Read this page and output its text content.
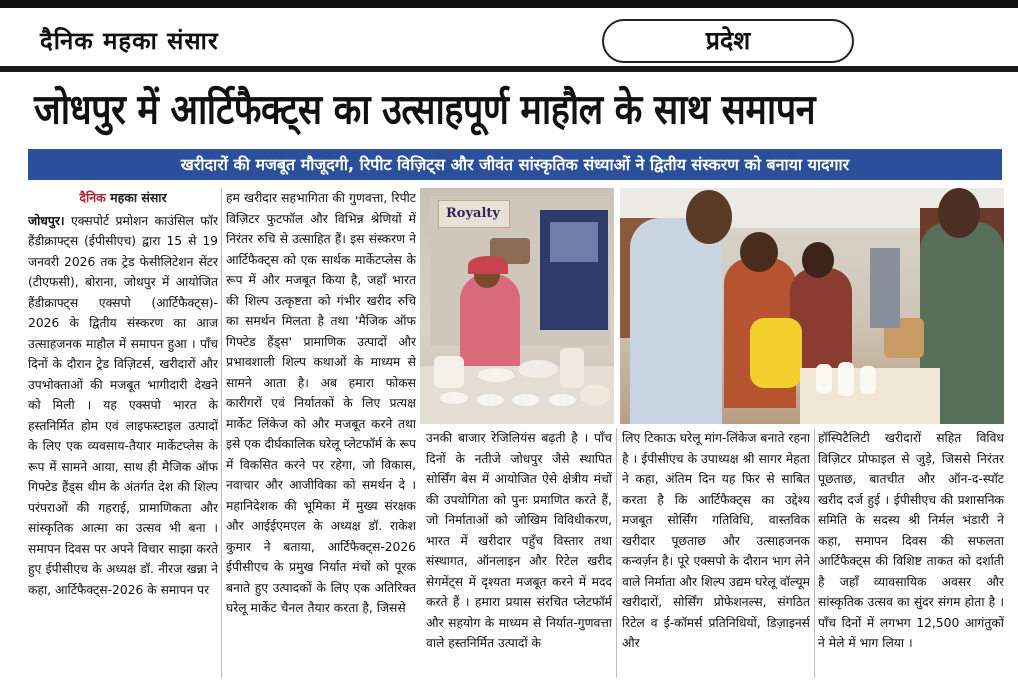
दैनिक महका संसार	प्रदेश
जोधपुर में आर्टिफैक्ट्स का उत्साहपूर्ण माहौल के साथ समापन
खरीदारों की मजबूत मौजूदगी, रिपीट विज़िट्स और जीवंत सांस्कृतिक संध्याओं ने द्वितीय संस्करण को बनाया यादगार
दैनिक महका संसार
जोधपुर। एक्सपोर्ट प्रमोशन काउंसिल फॉर हैंडीक्राफ्ट्स (ईपीसीएच) द्वारा 15 से 19 जनवरी 2026 तक ट्रेड फेसीलिटेशन सेंटर (टीएफसी), बोराना, जोधपुर में आयोजित हैंडीक्राफ्ट्स एक्सपो (आर्टिफैक्ट्स)- 2026 के द्वितीय संस्करण का आज उत्साहजनक माहौल में समापन हुआ । पाँच दिनों के दौरान ट्रेड विज़िटर्स, खरीदारों और उपभोक्ताओं की मजबूत भागीदारी देखने को मिली । यह एक्सपो भारत के हस्तनिर्मित होम एवं लाइफस्टाइल उत्पादों के लिए एक व्यवसाय-तैयार मार्केटप्लेस के रूप में सामने आया, साथ ही मैजिक ऑफ गिफ्टेड हैंड्स थीम के अंतर्गत देश की शिल्प परंपराओं की गहराई, प्रामाणिकता और सांस्कृतिक आत्मा का उत्सव भी बना । समापन दिवस पर अपने विचार साझा करते हुए ईपीसीएच के अध्यक्ष डॉ. नीरज खन्ना ने कहा, आर्टिफैक्ट्स-2026 के समापन पर
हम खरीदार सहभागिता की गुणवत्ता, रिपीट विज़िटर फुटफॉल और विभिन्न श्रेणियों में निरंतर रुचि से उत्साहित हैं। इस संस्करण ने आर्टिफैक्ट्स को एक सार्थक मार्केटप्लेस के रूप में और मजबूत किया है, जहाँ भारत की शिल्प उत्कृष्टता को गंभीर खरीद रुचि का समर्थन मिलता है तथा 'मैजिक ऑफ गिफ्टेड हैंड्स' प्रामाणिक उत्पादों और प्रभावशाली शिल्प कथाओं के माध्यम से सामने आता है। अब हमारा फोकस कारीगरों एवं निर्यातकों के लिए प्रत्यक्ष मार्केट लिंकेज को और मजबूत करने तथा इसे एक दीर्घकालिक घरेलू प्लेटफॉर्म के रूप में विकसित करने पर रहेगा, जो विकास, नवाचार और आजीविका को समर्थन दे । महानिदेशक की भूमिका में मुख्य संरक्षक और आईईएमएल के अध्यक्ष डॉ. राकेश कुमार ने बताया, आर्टिफैक्ट्स-2026 ईपीसीएच के प्रमुख निर्यात मंचों को पूरक बनाते हुए उत्पादकों के लिए एक अतिरिक्त घरेलू मार्केट चैनल तैयार करता है, जिससे
Royalty
उनकी बाजार रेजिलियंस बढ़ती है । पाँच दिनों के नतीजे जोधपुर जैसे स्थापित सोर्सिंग बेस में आयोजित ऐसे क्षेत्रीय मंचों की उपयोगिता को पुनः प्रमाणित करते हैं, जो निर्माताओं को जोखिम विविधीकरण, भारत में खरीदार पहुँच विस्तार तथा संस्थागत, ऑनलाइन और रिटेल खरीद सेगमेंट्स में दृश्यता मजबूत करने में मदद करते हैं । हमारा प्रयास संरचित प्लेटफॉर्म और सहयोग के माध्यम से निर्यात-गुणवत्ता वाले हस्तनिर्मित उत्पादों के
लिए टिकाऊ घरेलू मांग-लिंकेज बनाते रहना है । ईपीसीएच के उपाध्यक्ष श्री सागर मेहता ने कहा, अंतिम दिन यह फिर से साबित करता है कि आर्टिफैक्ट्स का उद्देश्य मजबूत सोर्सिंग गतिविधि, वास्तविक खरीदार पूछताछ और उत्साहजनक कन्वर्ज़न है। पूरे एक्सपो के दौरान भाग लेने वाले निर्माता और शिल्प उद्यम घरेलू वॉल्यूम खरीदारों, सोर्सिंग प्रोफेशनल्स, संगठित रिटेल व ई-कॉमर्स प्रतिनिधियों, डिज़ाइनर्स और
हॉस्पिटैलिटी खरीदारों सहित विविध विज़िटर प्रोफाइल से जुड़े, जिससे निरंतर पूछताछ, बातचीत और ऑन-द-स्पॉट खरीद दर्ज हुई । ईपीसीएच की प्रशासनिक समिति के सदस्य श्री निर्मल भंडारी ने कहा, समापन दिवस की सफलता आर्टिफैक्ट्स की विशिष्ट ताकत को दर्शाती है जहाँ व्यावसायिक अवसर और सांस्कृतिक उत्सव का सुंदर संगम होता है । पाँच दिनों में लगभग 12,500 आगंतुकों ने मेले में भाग लिया ।
